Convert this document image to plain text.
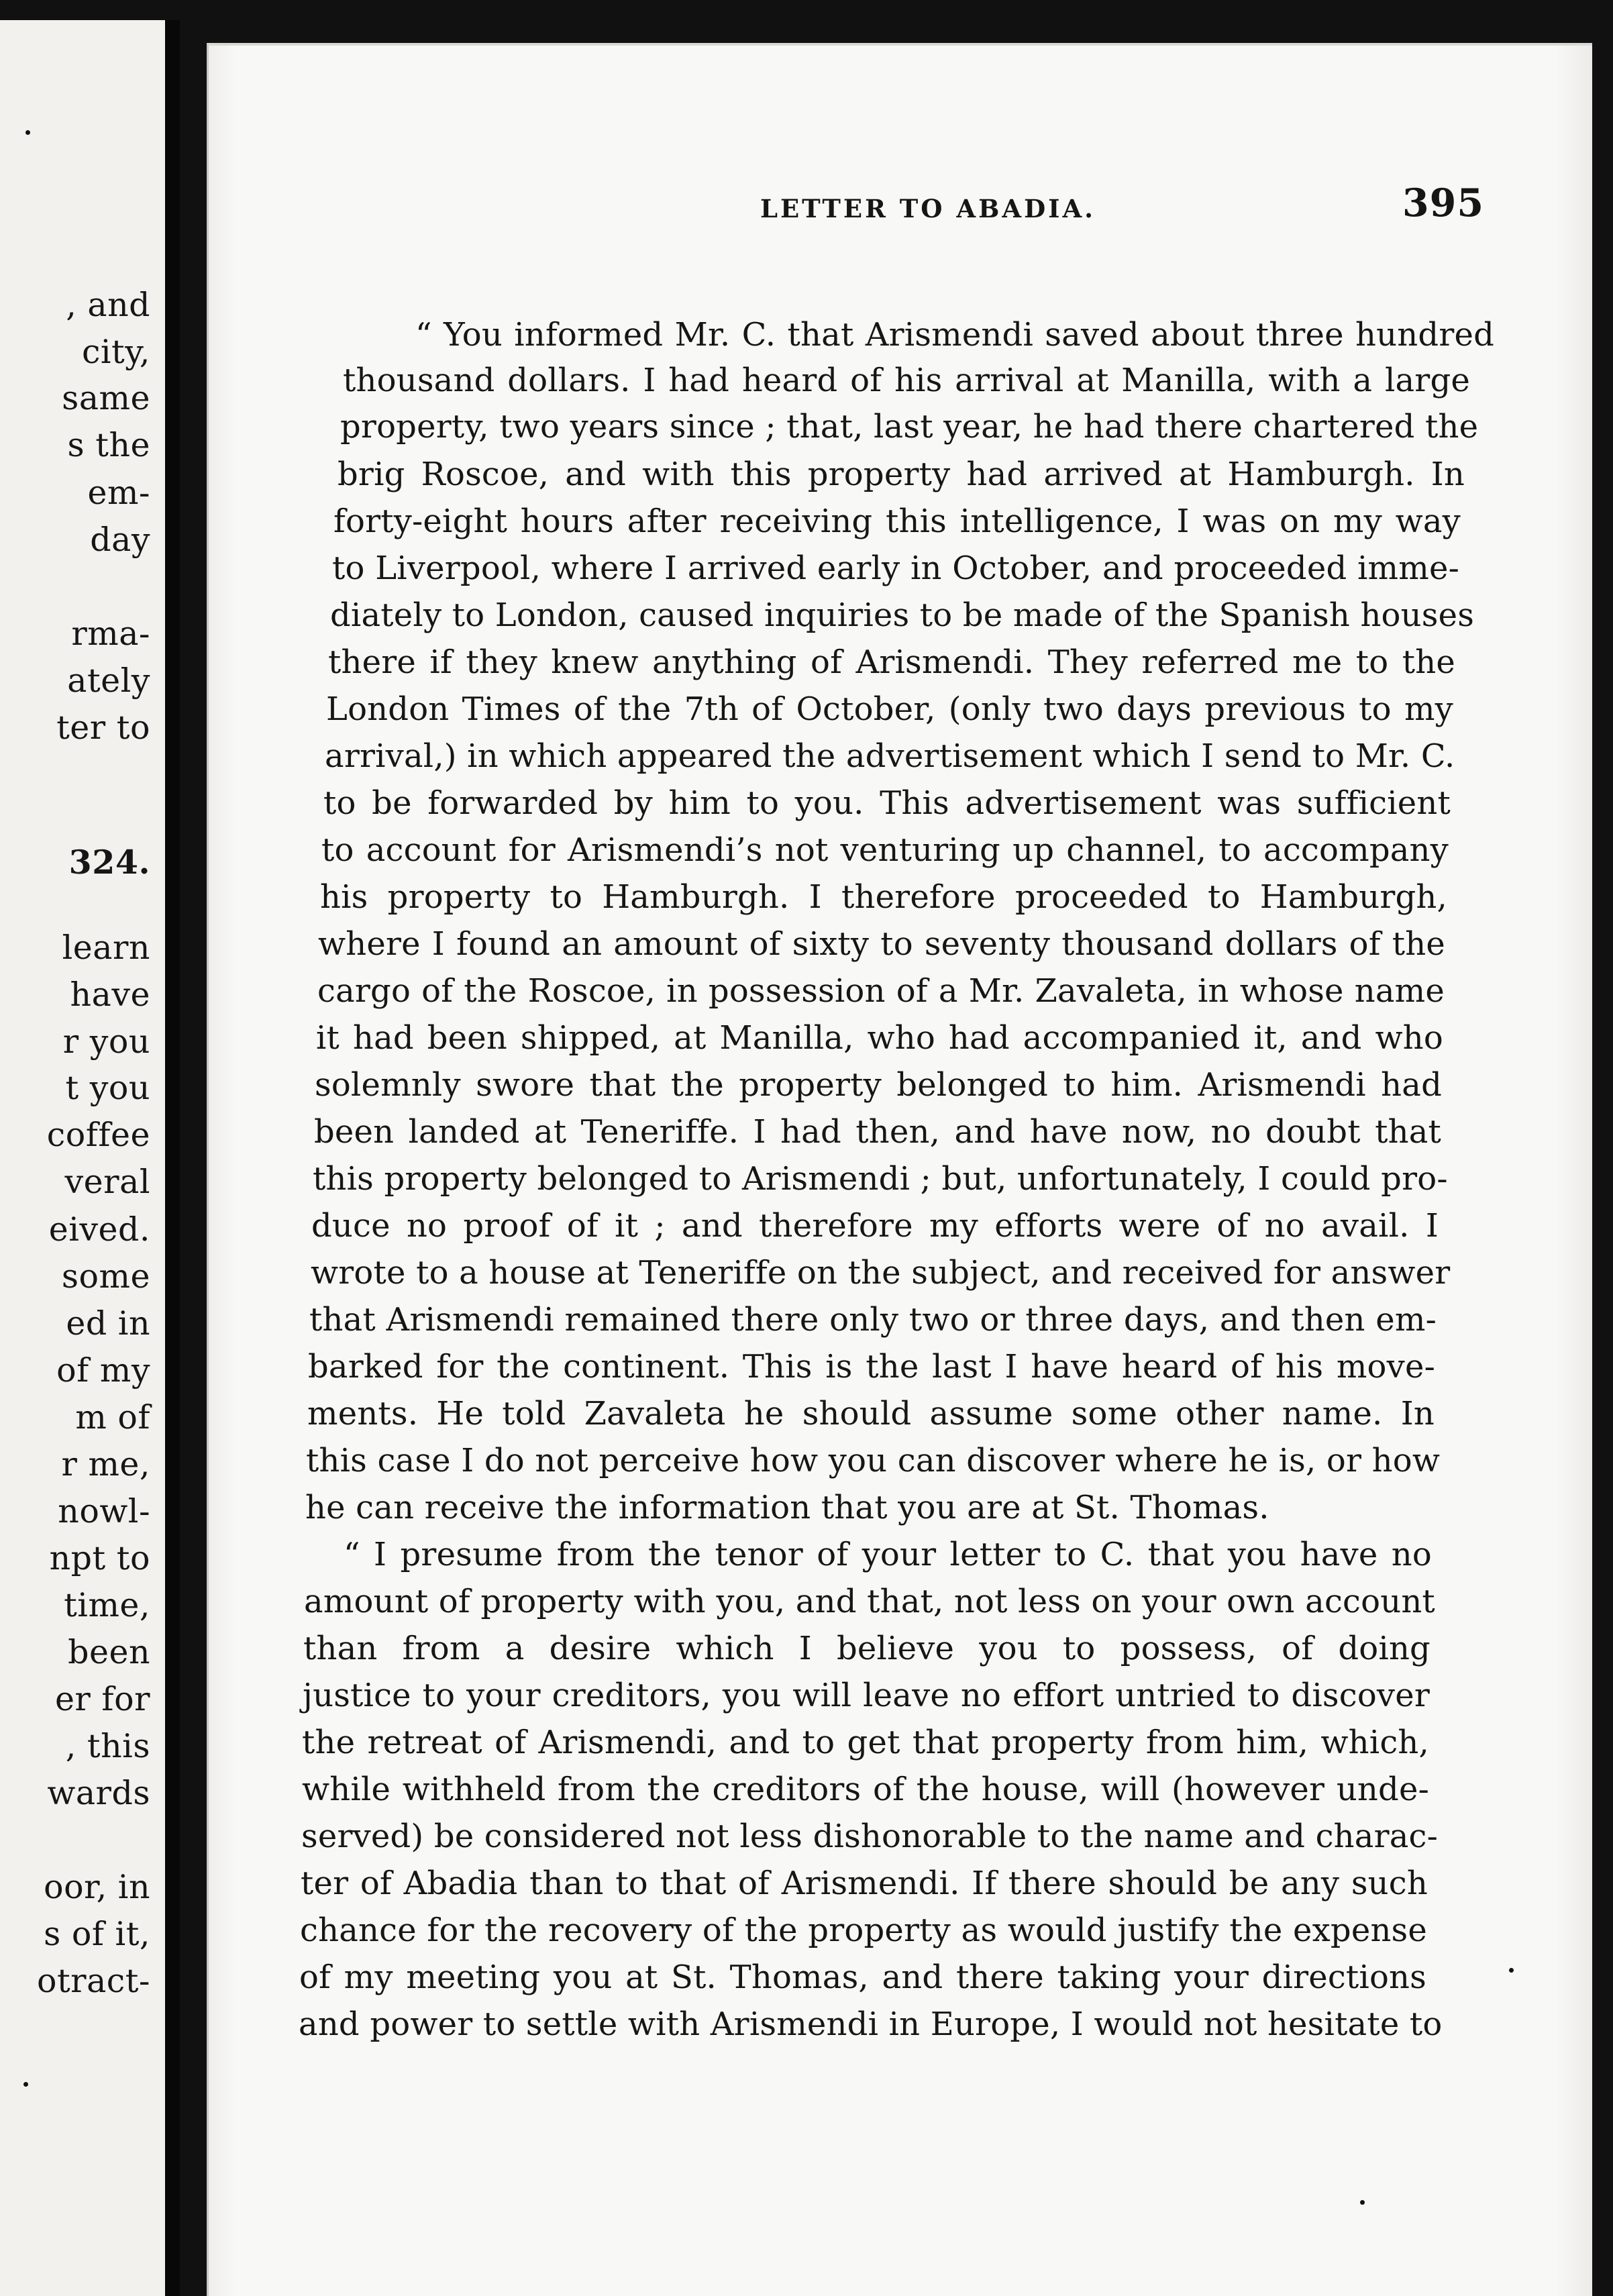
, and
city,
same
s the
em-
day
rma-
ately
ter to
324.
learn
have
r you
t you
coffee
veral
eived.
some
ed in
of my
m of
r me,
nowl-
npt to
time,
been
er for
, this
wards
oor, in
s of it,
otract-
LETTER TO ABADIA.	395
“ You informed Mr. C. that Arismendi saved about three hundred
thousand dollars. I had heard of his arrival at Manilla, with a large
property, two years since ; that, last year, he had there chartered the
brig Roscoe, and with this property had arrived at Hamburgh. In
forty-eight hours after receiving this intelligence, I was on my way
to Liverpool, where I arrived early in October, and proceeded imme-
diately to London, caused inquiries to be made of the Spanish houses
there if they knew anything of Arismendi. They referred me to the
London Times of the 7th of October, (only two days previous to my
arrival,) in which appeared the advertisement which I send to Mr. C.
to be forwarded by him to you. This advertisement was sufficient
to account for Arismendi’s not venturing up channel, to accompany
his property to Hamburgh. I therefore proceeded to Hamburgh,
where I found an amount of sixty to seventy thousand dollars of the
cargo of the Roscoe, in possession of a Mr. Zavaleta, in whose name
it had been shipped, at Manilla, who had accompanied it, and who
solemnly swore that the property belonged to him. Arismendi had
been landed at Teneriffe. I had then, and have now, no doubt that
this property belonged to Arismendi ; but, unfortunately, I could pro-
duce no proof of it ; and therefore my efforts were of no avail. I
wrote to a house at Teneriffe on the subject, and received for answer
that Arismendi remained there only two or three days, and then em-
barked for the continent. This is the last I have heard of his move-
ments. He told Zavaleta he should assume some other name. In
this case I do not perceive how you can discover where he is, or how
he can receive the information that you are at St. Thomas.
“ I presume from the tenor of your letter to C. that you have no
amount of property with you, and that, not less on your own account
than from a desire which I believe you to possess, of doing
justice to your creditors, you will leave no effort untried to discover
the retreat of Arismendi, and to get that property from him, which,
while withheld from the creditors of the house, will (however unde-
served) be considered not less dishonorable to the name and charac-
ter of Abadia than to that of Arismendi. If there should be any such
chance for the recovery of the property as would justify the expense
of my meeting you at St. Thomas, and there taking your directions
and power to settle with Arismendi in Europe, I would not hesitate to
